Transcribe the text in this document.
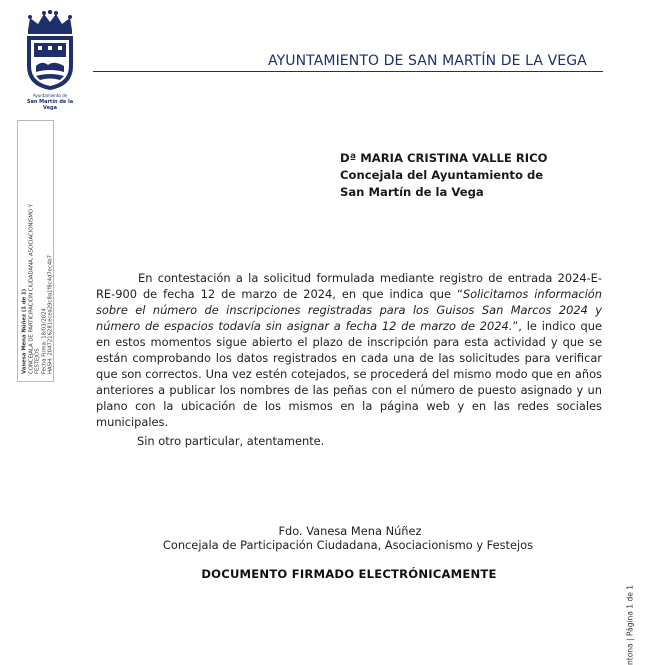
Ayuntamiento de
San Martín de la Vega
AYUNTAMIENTO DE SAN MARTÍN DE LA VEGA
Vanesa Mena Núñez (1 de 1) CONCEJALA DE PARTICIPACIÓN CIUDADANA, ASOCIACIONISMO Y FESTEJOS Fecha Firma: 18/03/2024 HASH: 2047216281ecea29c8a1f8c4d7ec4b7
Dª MARIA CRISTINA VALLE RICO
Concejala del Ayuntamiento de
San Martín de la Vega

En contestación a la solicitud formulada mediante registro de entrada 2024-E-RE-900 de fecha 12 de marzo de 2024, en que indica que “Solicitamos información sobre el número de inscripciones registradas para los Guisos San Marcos 2024 y número de espacios todavía sin asignar a fecha 12 de marzo de 2024.”, le indico que en estos momentos sigue abierto el plazo de inscripción para esta actividad y que se están comprobando los datos registrados en cada una de las solicitudes para verificar que son correctos. Una vez estén cotejados, se procederá del mismo modo que en años anteriores a publicar los nombres de las peñas con el número de puesto asignado y un plano con la ubicación de los mismos en la página web y en las redes sociales municipales.

Sin otro particular, atentamente.
Fdo. Vanesa Mena Núñez
Concejala de Participación Ciudadana, Asociacionismo y Festejos
DOCUMENTO FIRMADO ELECTRÓNICAMENTE
ntona | Página 1 de 1
